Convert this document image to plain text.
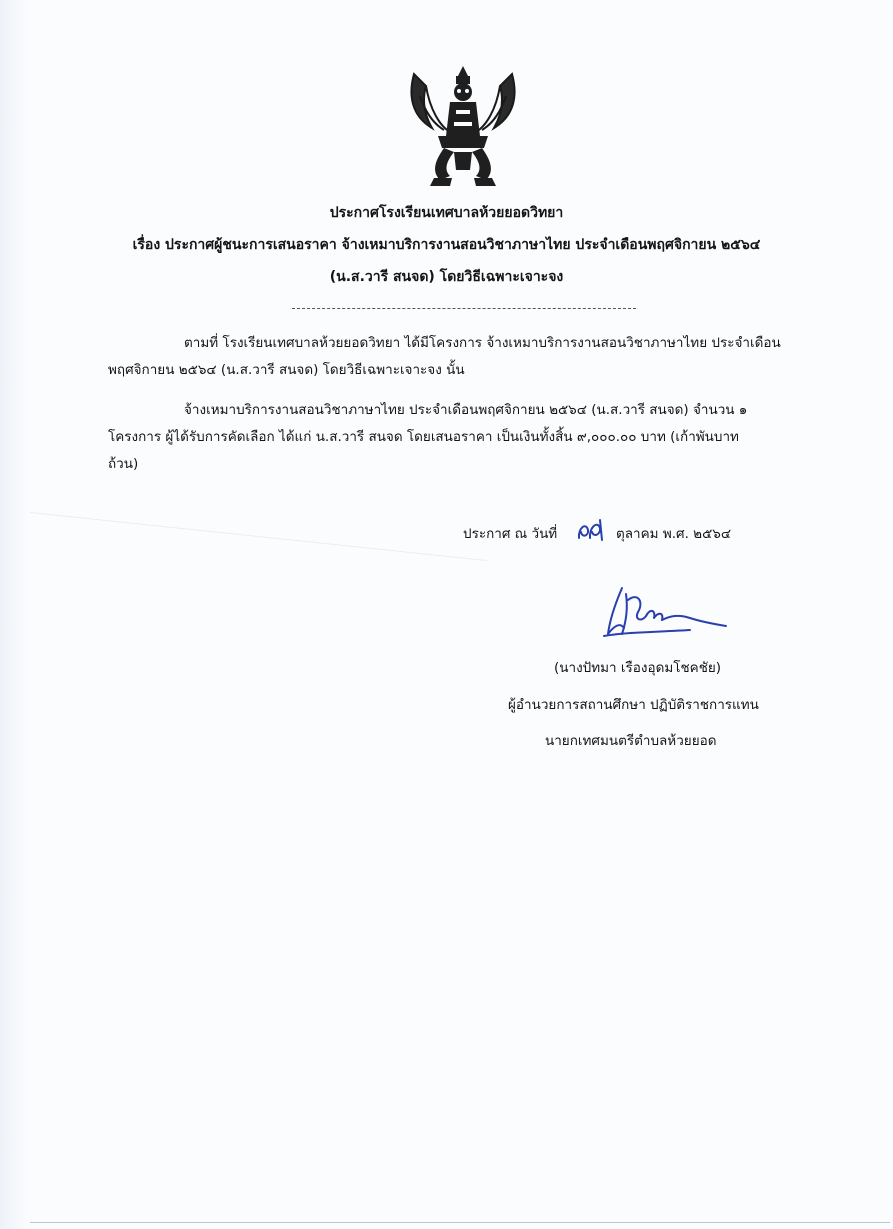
ประกาศโรงเรียนเทศบาลห้วยยอดวิทยา
เรื่อง ประกาศผู้ชนะการเสนอราคา จ้างเหมาบริการงานสอนวิชาภาษาไทย ประจำเดือนพฤศจิกายน ๒๕๖๔
(น.ส.วารี สนจด) โดยวิธีเฉพาะเจาะจง
ตามที่ โรงเรียนเทศบาลห้วยยอดวิทยา ได้มีโครงการ จ้างเหมาบริการงานสอนวิชาภาษาไทย ประจำเดือน
พฤศจิกายน ๒๕๖๔ (น.ส.วารี สนจด) โดยวิธีเฉพาะเจาะจง นั้น
จ้างเหมาบริการงานสอนวิชาภาษาไทย ประจำเดือนพฤศจิกายน ๒๕๖๔ (น.ส.วารี สนจด) จำนวน ๑
โครงการ ผู้ได้รับการคัดเลือก ได้แก่ น.ส.วารี สนจด โดยเสนอราคา เป็นเงินทั้งสิ้น ๙,๐๐๐.๐๐ บาท (เก้าพันบาท
ถ้วน)
ประกาศ ณ วันที่	ตุลาคม พ.ศ. ๒๕๖๔
(นางปัทมา เรืองอุดมโชคชัย)
ผู้อำนวยการสถานศึกษา ปฏิบัติราชการแทน
นายกเทศมนตรีตำบลห้วยยอด
